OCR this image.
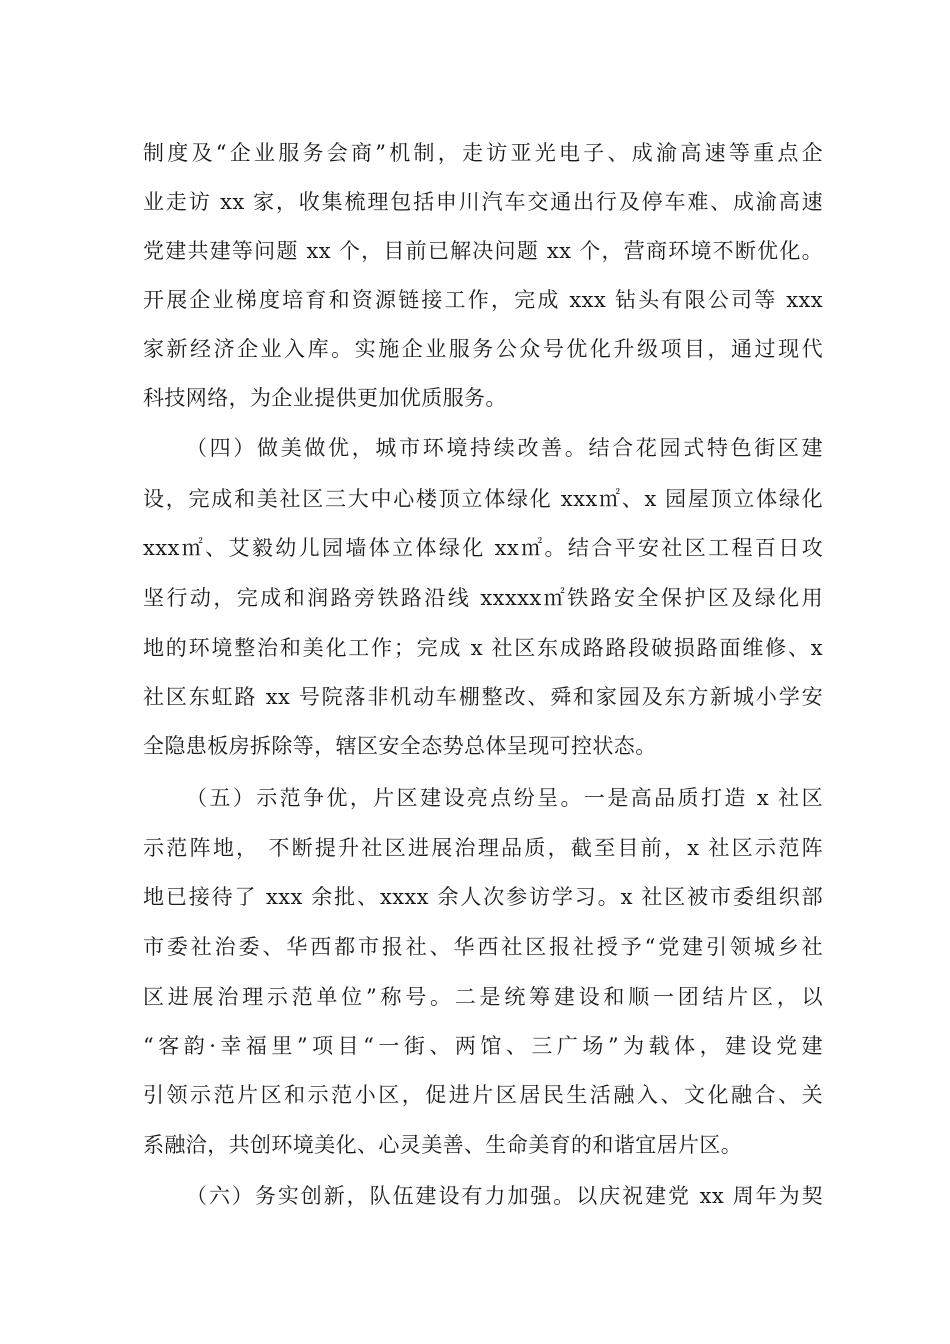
制度及“企业服务会商”机制，走访亚光电子、成渝高速等重点企
业走访 xx 家，收集梳理包括申川汽车交通出行及停车难、成渝高速
党建共建等问题 xx 个，目前已解决问题 xx 个，营商环境不断优化。
开展企业梯度培育和资源链接工作，完成 xxx 钻头有限公司等 xxx
家新经济企业入库。实施企业服务公众号优化升级项目，通过现代
科技网络，为企业提供更加优质服务。
（四）做美做优，城市环境持续改善。结合花园式特色街区建
设，完成和美社区三大中心楼顶立体绿化 xxx㎡、x 园屋顶立体绿化
xxx㎡、艾毅幼儿园墙体立体绿化 xx㎡。结合平安社区工程百日攻
坚行动，完成和润路旁铁路沿线 xxxxx㎡铁路安全保护区及绿化用
地的环境整治和美化工作；完成 x 社区东成路路段破损路面维修、x
社区东虹路 xx 号院落非机动车棚整改、舜和家园及东方新城小学安
全隐患板房拆除等，辖区安全态势总体呈现可控状态。
（五）示范争优，片区建设亮点纷呈。一是高品质打造 x 社区
示范阵地， 不断提升社区进展治理品质，截至目前，x 社区示范阵
地已接待了 xxx 余批、xxxx 余人次参访学习。x 社区被市委组织部
市委社治委、华西都市报社、华西社区报社授予“党建引领城乡社
区进展治理示范单位”称号。二是统筹建设和顺一团结片区，以
“客韵·幸福里”项目“一街、两馆、三广场”为载体，建设党建
引领示范片区和示范小区，促进片区居民生活融入、文化融合、关
系融洽，共创环境美化、心灵美善、生命美育的和谐宜居片区。
（六）务实创新，队伍建设有力加强。以庆祝建党 xx 周年为契
